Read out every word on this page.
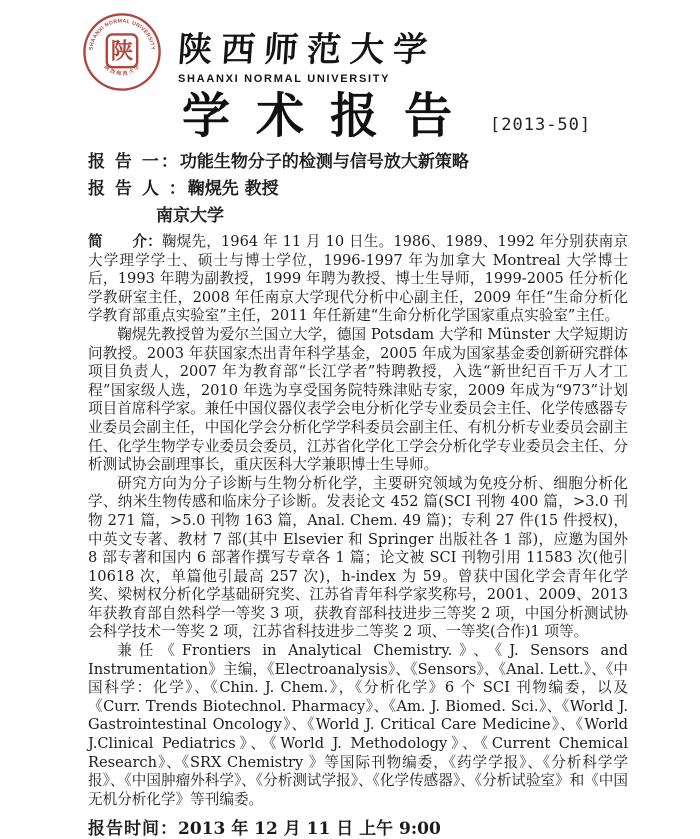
SHAANXI NORMAL UNIVERSITY
陕 西 师 范 大 学
陕 陕西师范大学
SHAANXI NORMAL UNIVERSITY
学术报告 [2013-50]
报 告 一：功能生物分子的检测与信号放大新策略
报 告 人 ：鞠熀先 教授
南京大学

简　　介：鞠熀先，1964 年 11 月 10 日生。1986、1989、1992 年分别获南京大学理学学士、硕士与博士学位，1996-1997 年为加拿大 Montreal 大学博士后，1993 年聘为副教授，1999 年聘为教授、博士生导师，1999-2005 任分析化学教研室主任，2008 年任南京大学现代分析中心副主任，2009 年任“生命分析化学教育部重点实验室”主任，2011 年任新建“生命分析化学国家重点实验室”主任。

鞠熀先教授曾为爱尔兰国立大学，德国 Potsdam 大学和 Münster 大学短期访问教授。2003 年获国家杰出青年科学基金，2005 年成为国家基金委创新研究群体项目负责人，2007 年为教育部“长江学者”特聘教授，入选“新世纪百千万人才工程”国家级人选，2010 年选为享受国务院特殊津贴专家，2009 年成为“973”计划项目首席科学家。兼任中国仪器仪表学会电分析化学专业委员会主任、化学传感器专业委员会副主任，中国化学会分析化学学科委员会副主任、有机分析专业委员会副主任、化学生物学专业委员会委员，江苏省化学化工学会分析化学专业委员会主任、分析测试协会副理事长，重庆医科大学兼职博士生导师。

研究方向为分子诊断与生物分析化学，主要研究领域为免疫分析、细胞分析化学、纳米生物传感和临床分子诊断。发表论文 452 篇(SCI 刊物 400 篇，>3.0 刊物 271 篇，>5.0 刊物 163 篇，Anal. Chem. 49 篇)；专利 27 件(15 件授权)，中英文专著、教材 7 部(其中 Elsevier 和 Springer 出版社各 1 部)，应邀为国外 8 部专著和国内 6 部著作撰写专章各 1 篇；论文被 SCI 刊物引用 11583 次(他引 10618 次，单篇他引最高 257 次)，h-index 为 59。曾获中国化学会青年化学奖、梁树权分析化学基础研究奖、江苏省青年科学家奖称号，2001、2009、2013 年获教育部自然科学一等奖 3 项，获教育部科技进步三等奖 2 项，中国分析测试协会科学技术一等奖 2 项，江苏省科技进步二等奖 2 项、一等奖(合作)1 项等。

兼任《Frontiers in Analytical Chemistry.》、《J. Sensors and Instrumentation》主编，《Electroanalysis》、《Sensors》、《Anal. Lett.》、《中国科学：化学》、《Chin. J. Chem.》，《分析化学》6 个 SCI 刊物编委，以及《Curr. Trends Biotechnol. Pharmacy》、《Am. J. Biomed. Sci.》、《World J. Gastrointestinal Oncology》、《World J. Critical Care Medicine》、《World J.Clinical Pediatrics》、《World J. Methodology》、《Current Chemical Research》、《SRX Chemistry 》等国际刊物编委，《药学学报》、《分析科学学报》、《中国肿瘤外科学》、《分析测试学报》、《化学传感器》、《分析试验室》和《中国无机分析化学》等刊编委。

报告时间：2013 年 12 月 11 日 上午 9:00
